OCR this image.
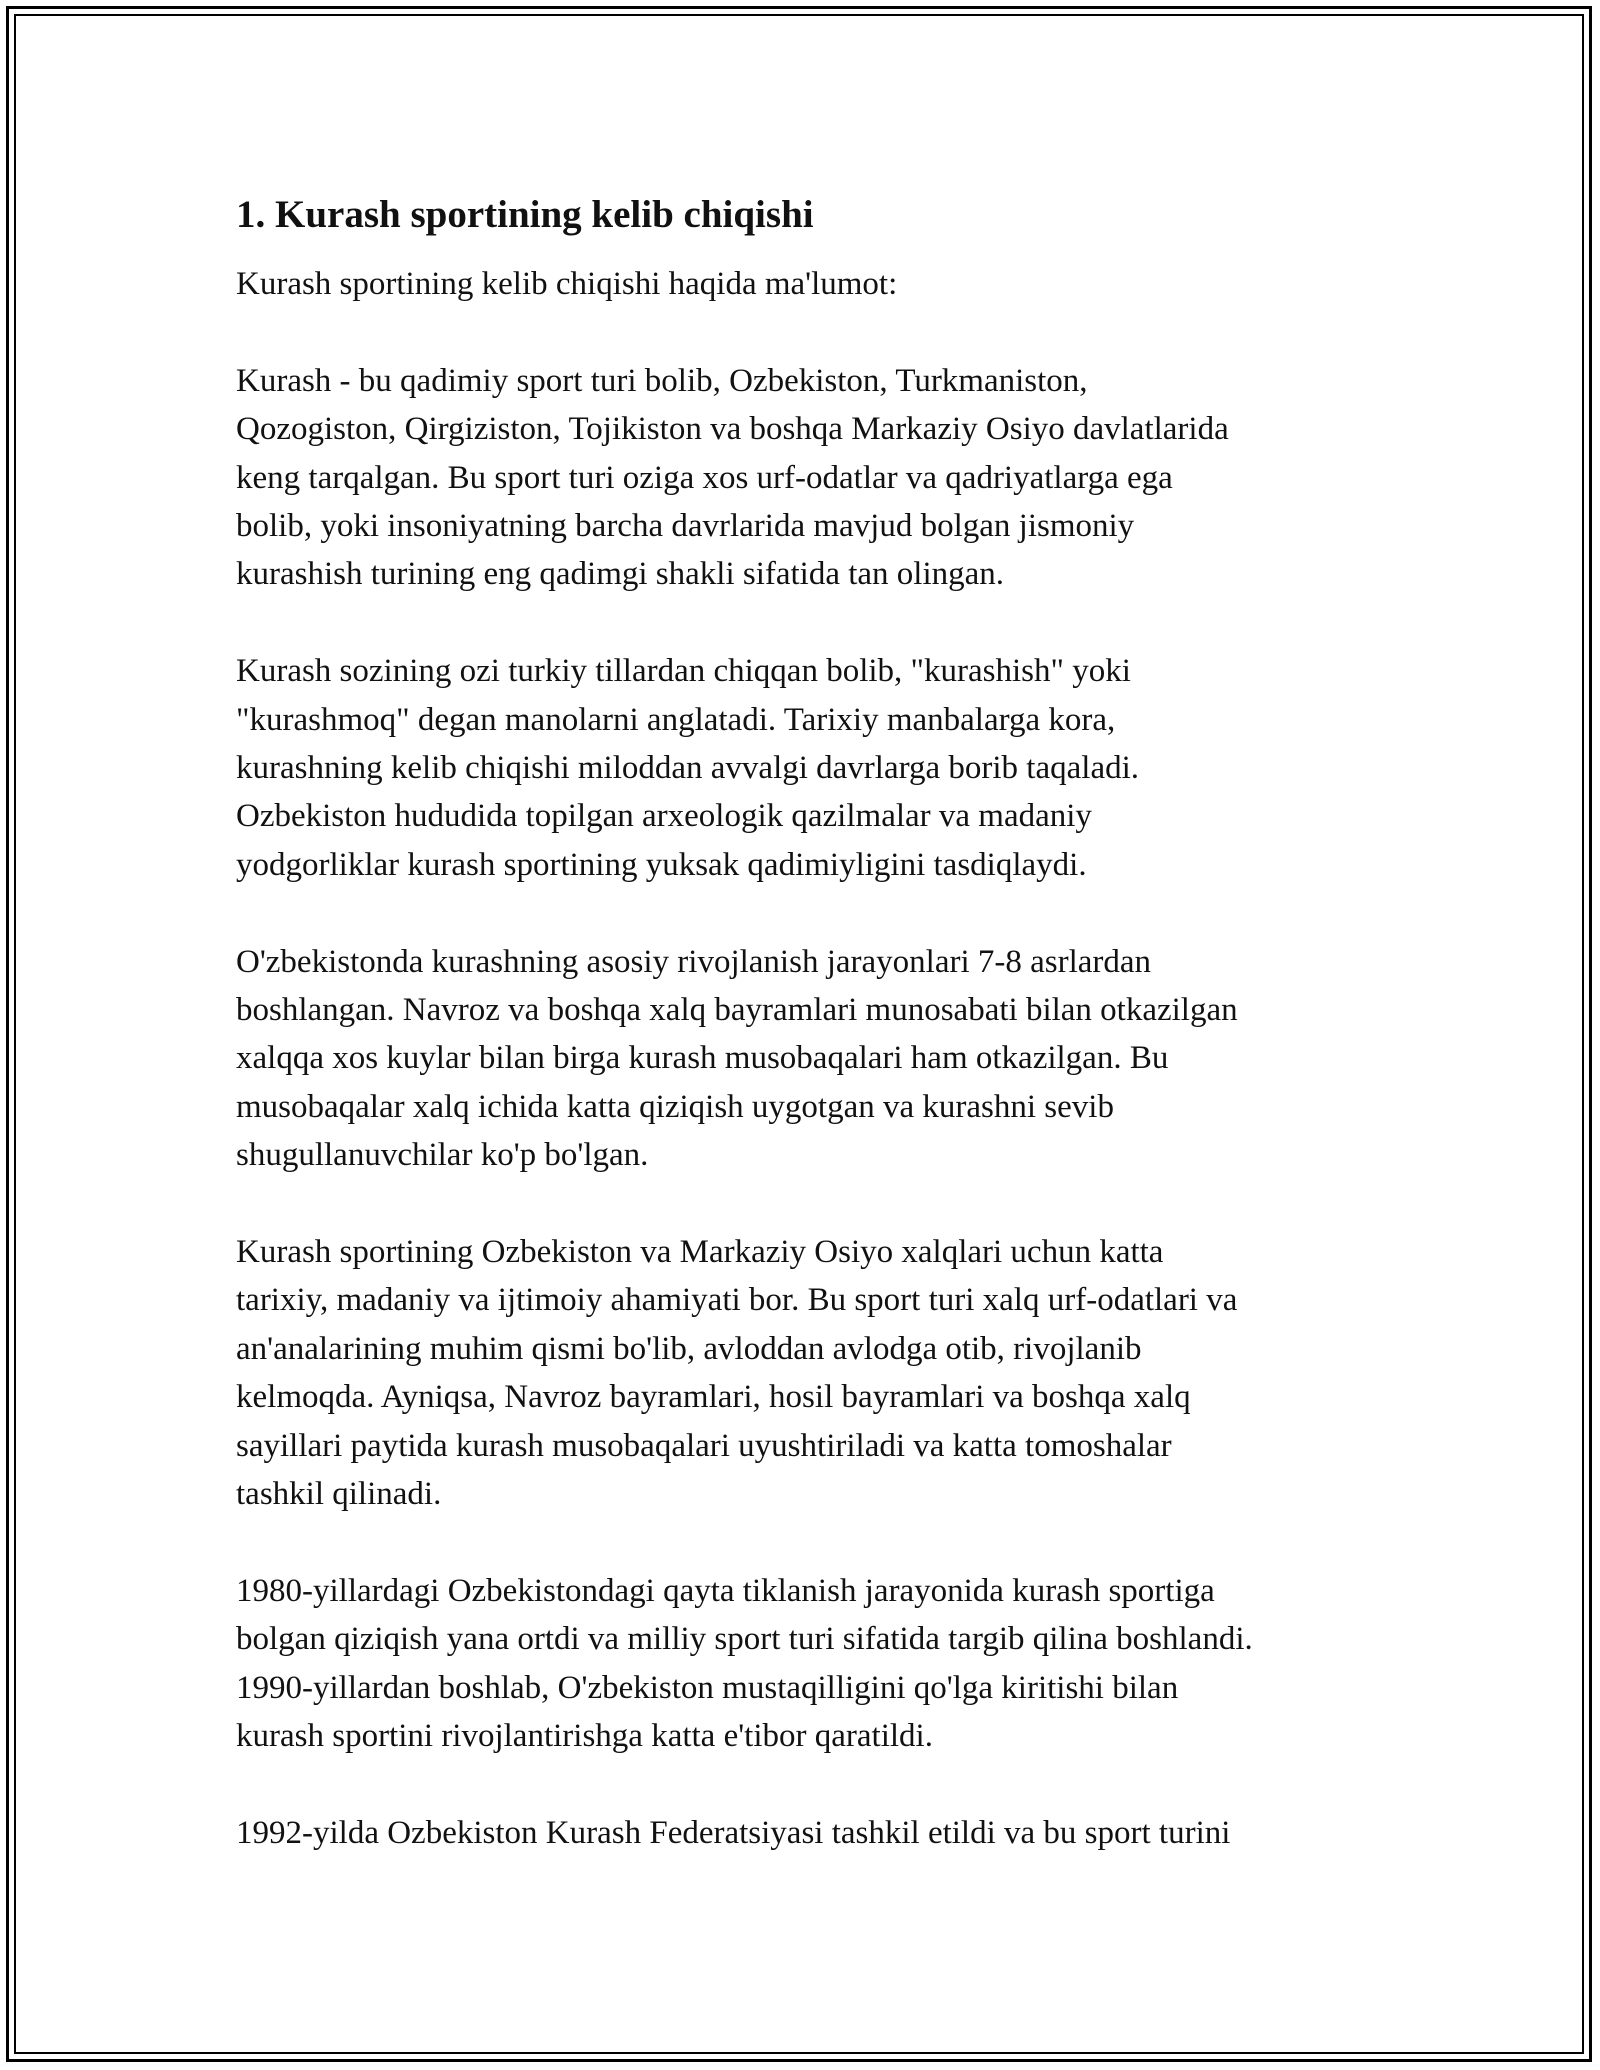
1. Kurash sportining kelib chiqishi

Kurash sportining kelib chiqishi haqida ma'lumot:

Kurash - bu qadimiy sport turi bolib, Ozbekiston, Turkmaniston,
Qozogiston, Qirgiziston, Tojikiston va boshqa Markaziy Osiyo davlatlarida
keng tarqalgan. Bu sport turi oziga xos urf-odatlar va qadriyatlarga ega
bolib, yoki insoniyatning barcha davrlarida mavjud bolgan jismoniy
kurashish turining eng qadimgi shakli sifatida tan olingan.

Kurash sozining ozi turkiy tillardan chiqqan bolib, "kurashish" yoki
"kurashmoq" degan manolarni anglatadi. Tarixiy manbalarga kora,
kurashning kelib chiqishi miloddan avvalgi davrlarga borib taqaladi.
Ozbekiston hududida topilgan arxeologik qazilmalar va madaniy
yodgorliklar kurash sportining yuksak qadimiyligini tasdiqlaydi.

O'zbekistonda kurashning asosiy rivojlanish jarayonlari 7-8 asrlardan
boshlangan. Navroz va boshqa xalq bayramlari munosabati bilan otkazilgan
xalqqa xos kuylar bilan birga kurash musobaqalari ham otkazilgan. Bu
musobaqalar xalq ichida katta qiziqish uygotgan va kurashni sevib
shugullanuvchilar ko'p bo'lgan.

Kurash sportining Ozbekiston va Markaziy Osiyo xalqlari uchun katta
tarixiy, madaniy va ijtimoiy ahamiyati bor. Bu sport turi xalq urf-odatlari va
an'analarining muhim qismi bo'lib, avloddan avlodga otib, rivojlanib
kelmoqda. Ayniqsa, Navroz bayramlari, hosil bayramlari va boshqa xalq
sayillari paytida kurash musobaqalari uyushtiriladi va katta tomoshalar
tashkil qilinadi.

1980-yillardagi Ozbekistondagi qayta tiklanish jarayonida kurash sportiga
bolgan qiziqish yana ortdi va milliy sport turi sifatida targib qilina boshlandi.
1990-yillardan boshlab, O'zbekiston mustaqilligini qo'lga kiritishi bilan
kurash sportini rivojlantirishga katta e'tibor qaratildi.

1992-yilda Ozbekiston Kurash Federatsiyasi tashkil etildi va bu sport turini
